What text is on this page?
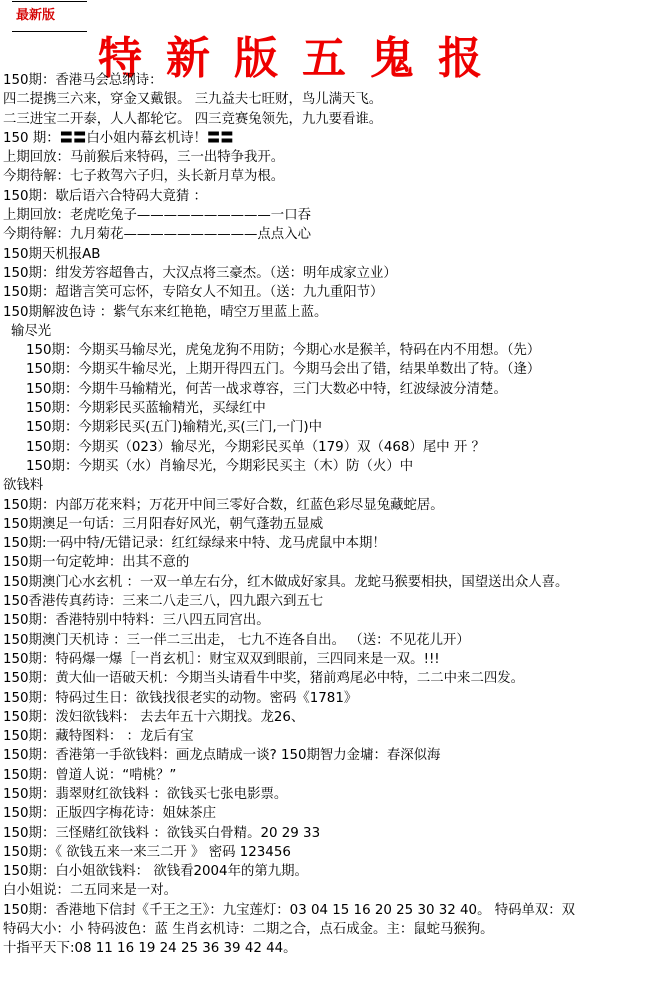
最新版
特新版五鬼报
150期：香港马会总纲诗：
四二提携三六来，穿金又戴银。 三九益夫七旺财，鸟儿满天飞。
二三进宝二开泰，人人都轮它。 四三竞赛兔领先，九九要看谁。
150 期：〓〓白小姐内幕玄机诗！〓〓
上期回放：马前猴后来特码，三一出特争我开。
今期待解：七子救驾六子归，头长新月草为根。
150期：歇后语六合特码大竟猜 ：
上期回放：老虎吃兔子——————————一口吞
今期待解：九月菊花——————————点点入心
150期天机报AB
150期：绀发芳容超鲁古，大汉点将三豪杰。（送：明年成家立业）
150期：超谐言笑可忘怀，专陪女人不知丑。（送：九九重阳节）
150期解波色诗 ：紫气东来红艳艳，晴空万里蓝上蓝。
输尽光
150期：今期买马输尽光，虎兔龙狗不用防；今期心水是猴羊，特码在内不用想。（先）
150期：今期买牛输尽光，上期开得四五门。今期马会出了错，结果单数出了特。（逢）
150期：今期牛马输精光，何苦一战求尊容，三门大数必中特，红波绿波分清楚。
150期：今期彩民买蓝输精光，买绿红中
150期：今期彩民买(五门)输精光,买(三门,一门)中
150期：今期买（023）输尽光，今期彩民买单（179）双（468）尾中 开 ？
150期：今期买（水）肖输尽光，今期彩民买主（木）防（火）中
欲钱料
150期：内部万花来料；万花开中间三零好合数，红蓝色彩尽显兔藏蛇居。
150期澳足一句话：三月阳春好风光，朝气蓬勃五显威
150期:一码中特/无错记录：红红绿绿来中特、龙马虎鼠中本期！
150期一句定乾坤：出其不意的
150期澳门心水玄机 ：一双一单左右分，红木做成好家具。龙蛇马猴要相抉，国望送出众人喜。
150香港传真药诗：三来二八走三八，四九跟六到五七
150期：香港特别中特料：三八四五同宫出。
150期澳门天机诗 ：三一伴二三出走， 七九不连各自出。 （送：不见花儿开）
150期：特码爆一爆［一肖玄机］：财宝双双到眼前，三四同来是一双。!!!
150期：黄大仙一语破天机：今期当头请看牛中奖，猪前鸡尾必中特，二二中来二四发。
150期：特码过生日：欲钱找很老实的动物。密码《1781》
150期：泼妇欲钱料： 去去年五十六期找。龙26、
150期：藏特图料： ：龙后有宝
150期：香港第一手欲钱料：画龙点睛成一谈? 150期智力金墉：春深似海
150期：曾道人说：“啃桃？”
150期：翡翠财红欲钱料 ：欲钱买七张电影票。
150期：正版四字梅花诗：姐妹茶庄
150期：三怪赌红欲钱料 ：欲钱买白骨精。20 29 33
150期：《 欲钱五来一来三二开 》 密码 123456
150期：白小姐欲钱料： 欲钱看2004年的第九期。
白小姐说：二五同来是一对。
150期：香港地下信封《千王之王》：九宝莲灯：03 04 15 16 20 25 30 32 40。 特码单双：双
特码大小：小 特码波色：蓝 生肖玄机诗：二期之合，点石成金。主：鼠蛇马猴狗。
十指平天下:08 11 16 19 24 25 36 39 42 44。
